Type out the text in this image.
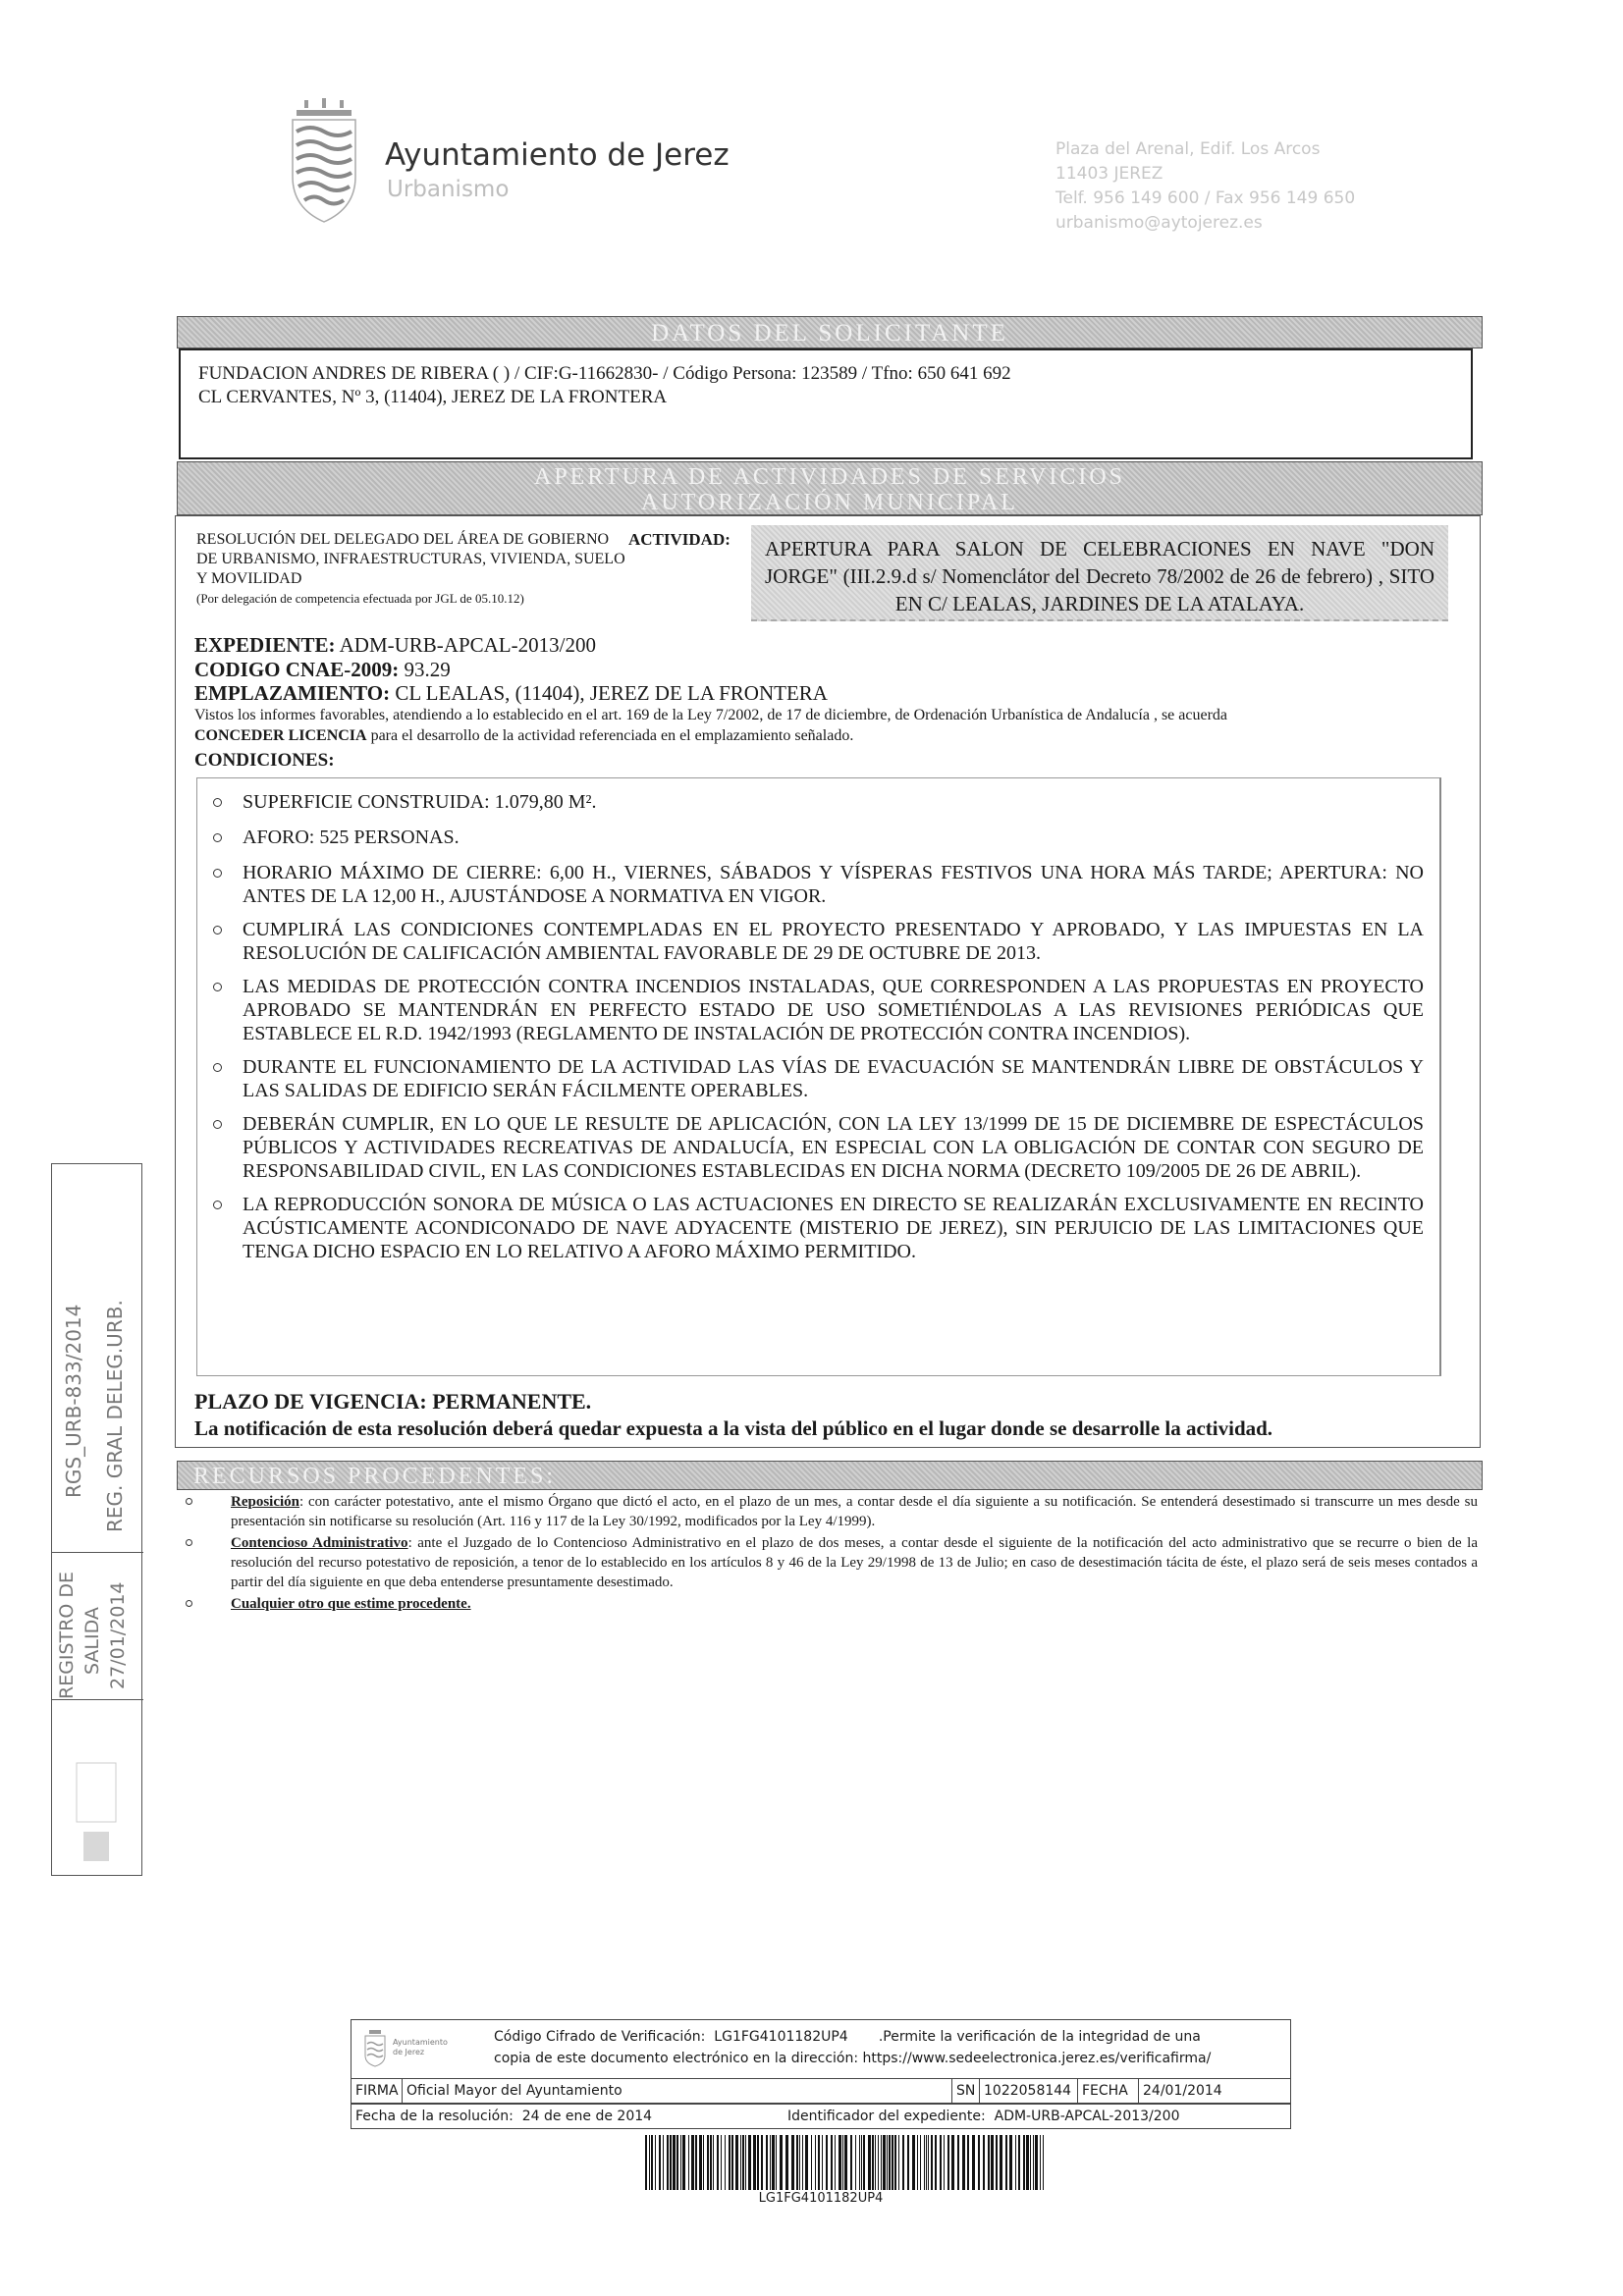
Ayuntamiento de Jerez
Urbanismo
Plaza del Arenal, Edif. Los Arcos
11403 JEREZ
Telf. 956 149 600 / Fax 956 149 650
urbanismo@aytojerez.es
DATOS DEL SOLICITANTE
FUNDACION ANDRES DE RIBERA ( ) / CIF:G-11662830- / Código Persona: 123589 / Tfno: 650 641 692
CL CERVANTES, Nº 3, (11404), JEREZ DE LA FRONTERA
APERTURA DE ACTIVIDADES DE SERVICIOS
AUTORIZACIÓN MUNICIPAL
RESOLUCIÓN DEL DELEGADO DEL ÁREA DE GOBIERNO DE URBANISMO, INFRAESTRUCTURAS, VIVIENDA, SUELO Y MOVILIDAD
(Por delegación de competencia efectuada por JGL de 05.10.12)
ACTIVIDAD:	APERTURA PARA SALON DE CELEBRACIONES EN NAVE "DON JORGE" (III.2.9.d s/ Nomenclátor del Decreto 78/2002 de 26 de febrero) , SITO EN C/ LEALAS, JARDINES DE LA ATALAYA.
EXPEDIENTE: ADM-URB-APCAL-2013/200
CODIGO CNAE-2009: 93.29
EMPLAZAMIENTO: CL LEALAS, (11404), JEREZ DE LA FRONTERA
Vistos los informes favorables, atendiendo a lo establecido en el art. 169 de la Ley 7/2002, de 17 de diciembre, de Ordenación Urbanística de Andalucía , se acuerda
CONCEDER LICENCIA para el desarrollo de la actividad referenciada en el emplazamiento señalado.
CONDICIONES:
SUPERFICIE CONSTRUIDA: 1.079,80 M².
AFORO: 525 PERSONAS.
HORARIO MÁXIMO DE CIERRE: 6,00 H., VIERNES, SÁBADOS Y VÍSPERAS FESTIVOS UNA HORA MÁS TARDE; APERTURA: NO ANTES DE LA 12,00 H., AJUSTÁNDOSE A NORMATIVA EN VIGOR.
CUMPLIRÁ LAS CONDICIONES CONTEMPLADAS EN EL PROYECTO PRESENTADO Y APROBADO, Y LAS IMPUESTAS EN LA RESOLUCIÓN DE CALIFICACIÓN AMBIENTAL FAVORABLE DE 29 DE OCTUBRE DE 2013.
LAS MEDIDAS DE PROTECCIÓN CONTRA INCENDIOS INSTALADAS, QUE CORRESPONDEN A LAS PROPUESTAS EN PROYECTO APROBADO SE MANTENDRÁN EN PERFECTO ESTADO DE USO SOMETIÉNDOLAS A LAS REVISIONES PERIÓDICAS QUE ESTABLECE EL R.D. 1942/1993 (REGLAMENTO DE INSTALACIÓN DE PROTECCIÓN CONTRA INCENDIOS).
DURANTE EL FUNCIONAMIENTO DE LA ACTIVIDAD LAS VÍAS DE EVACUACIÓN SE MANTENDRÁN LIBRE DE OBSTÁCULOS Y LAS SALIDAS DE EDIFICIO SERÁN FÁCILMENTE OPERABLES.
DEBERÁN CUMPLIR, EN LO QUE LE RESULTE DE APLICACIÓN, CON LA LEY 13/1999 DE 15 DE DICIEMBRE DE ESPECTÁCULOS PÚBLICOS Y ACTIVIDADES RECREATIVAS DE ANDALUCÍA, EN ESPECIAL CON LA OBLIGACIÓN DE CONTAR CON SEGURO DE RESPONSABILIDAD CIVIL, EN LAS CONDICIONES ESTABLECIDAS EN DICHA NORMA (DECRETO 109/2005 DE 26 DE ABRIL).
LA REPRODUCCIÓN SONORA DE MÚSICA O LAS ACTUACIONES EN DIRECTO SE REALIZARÁN EXCLUSIVAMENTE EN RECINTO ACÚSTICAMENTE ACONDICONADO DE NAVE ADYACENTE (MISTERIO DE JEREZ), SIN PERJUICIO DE LAS LIMITACIONES QUE TENGA DICHO ESPACIO EN LO RELATIVO A AFORO MÁXIMO PERMITIDO.
PLAZO DE VIGENCIA: PERMANENTE.
La notificación de esta resolución deberá quedar expuesta a la vista del público en el lugar donde se desarrolle la actividad.
RECURSOS PROCEDENTES:
Reposición: con carácter potestativo, ante el mismo Órgano que dictó el acto, en el plazo de un mes, a contar desde el día siguiente a su notificación. Se entenderá desestimado si transcurre un mes desde su presentación sin notificarse su resolución (Art. 116 y 117 de la Ley 30/1992, modificados por la Ley 4/1999).
Contencioso Administrativo: ante el Juzgado de lo Contencioso Administrativo en el plazo de dos meses, a contar desde el siguiente de la notificación del acto administrativo que se recurre o bien de la resolución del recurso potestativo de reposición, a tenor de lo establecido en los artículos 8 y 46 de la Ley 29/1998 de 13 de Julio; en caso de desestimación tácita de éste, el plazo será de seis meses contados a partir del día siguiente en que deba entenderse presuntamente desestimado.
Cualquier otro que estime procedente.
RGS_URB-833/2014 REG. GRAL DELEG.URB.
REGISTRO DE SALIDA 27/01/2014
Ayuntamiento
de Jerez
Código Cifrado de Verificación: LG1FG4101182UP4 .Permite la verificación de la integridad de una
copia de este documento electrónico en la dirección: https://www.sedeelectronica.jerez.es/verificafirma/
FIRMA Oficial Mayor del Ayuntamiento	SN 1022058144 FECHA	24/01/2014
Fecha de la resolución: 24 de ene de 2014	Identificador del expediente: ADM-URB-APCAL-2013/200
LG1FG4101182UP4
